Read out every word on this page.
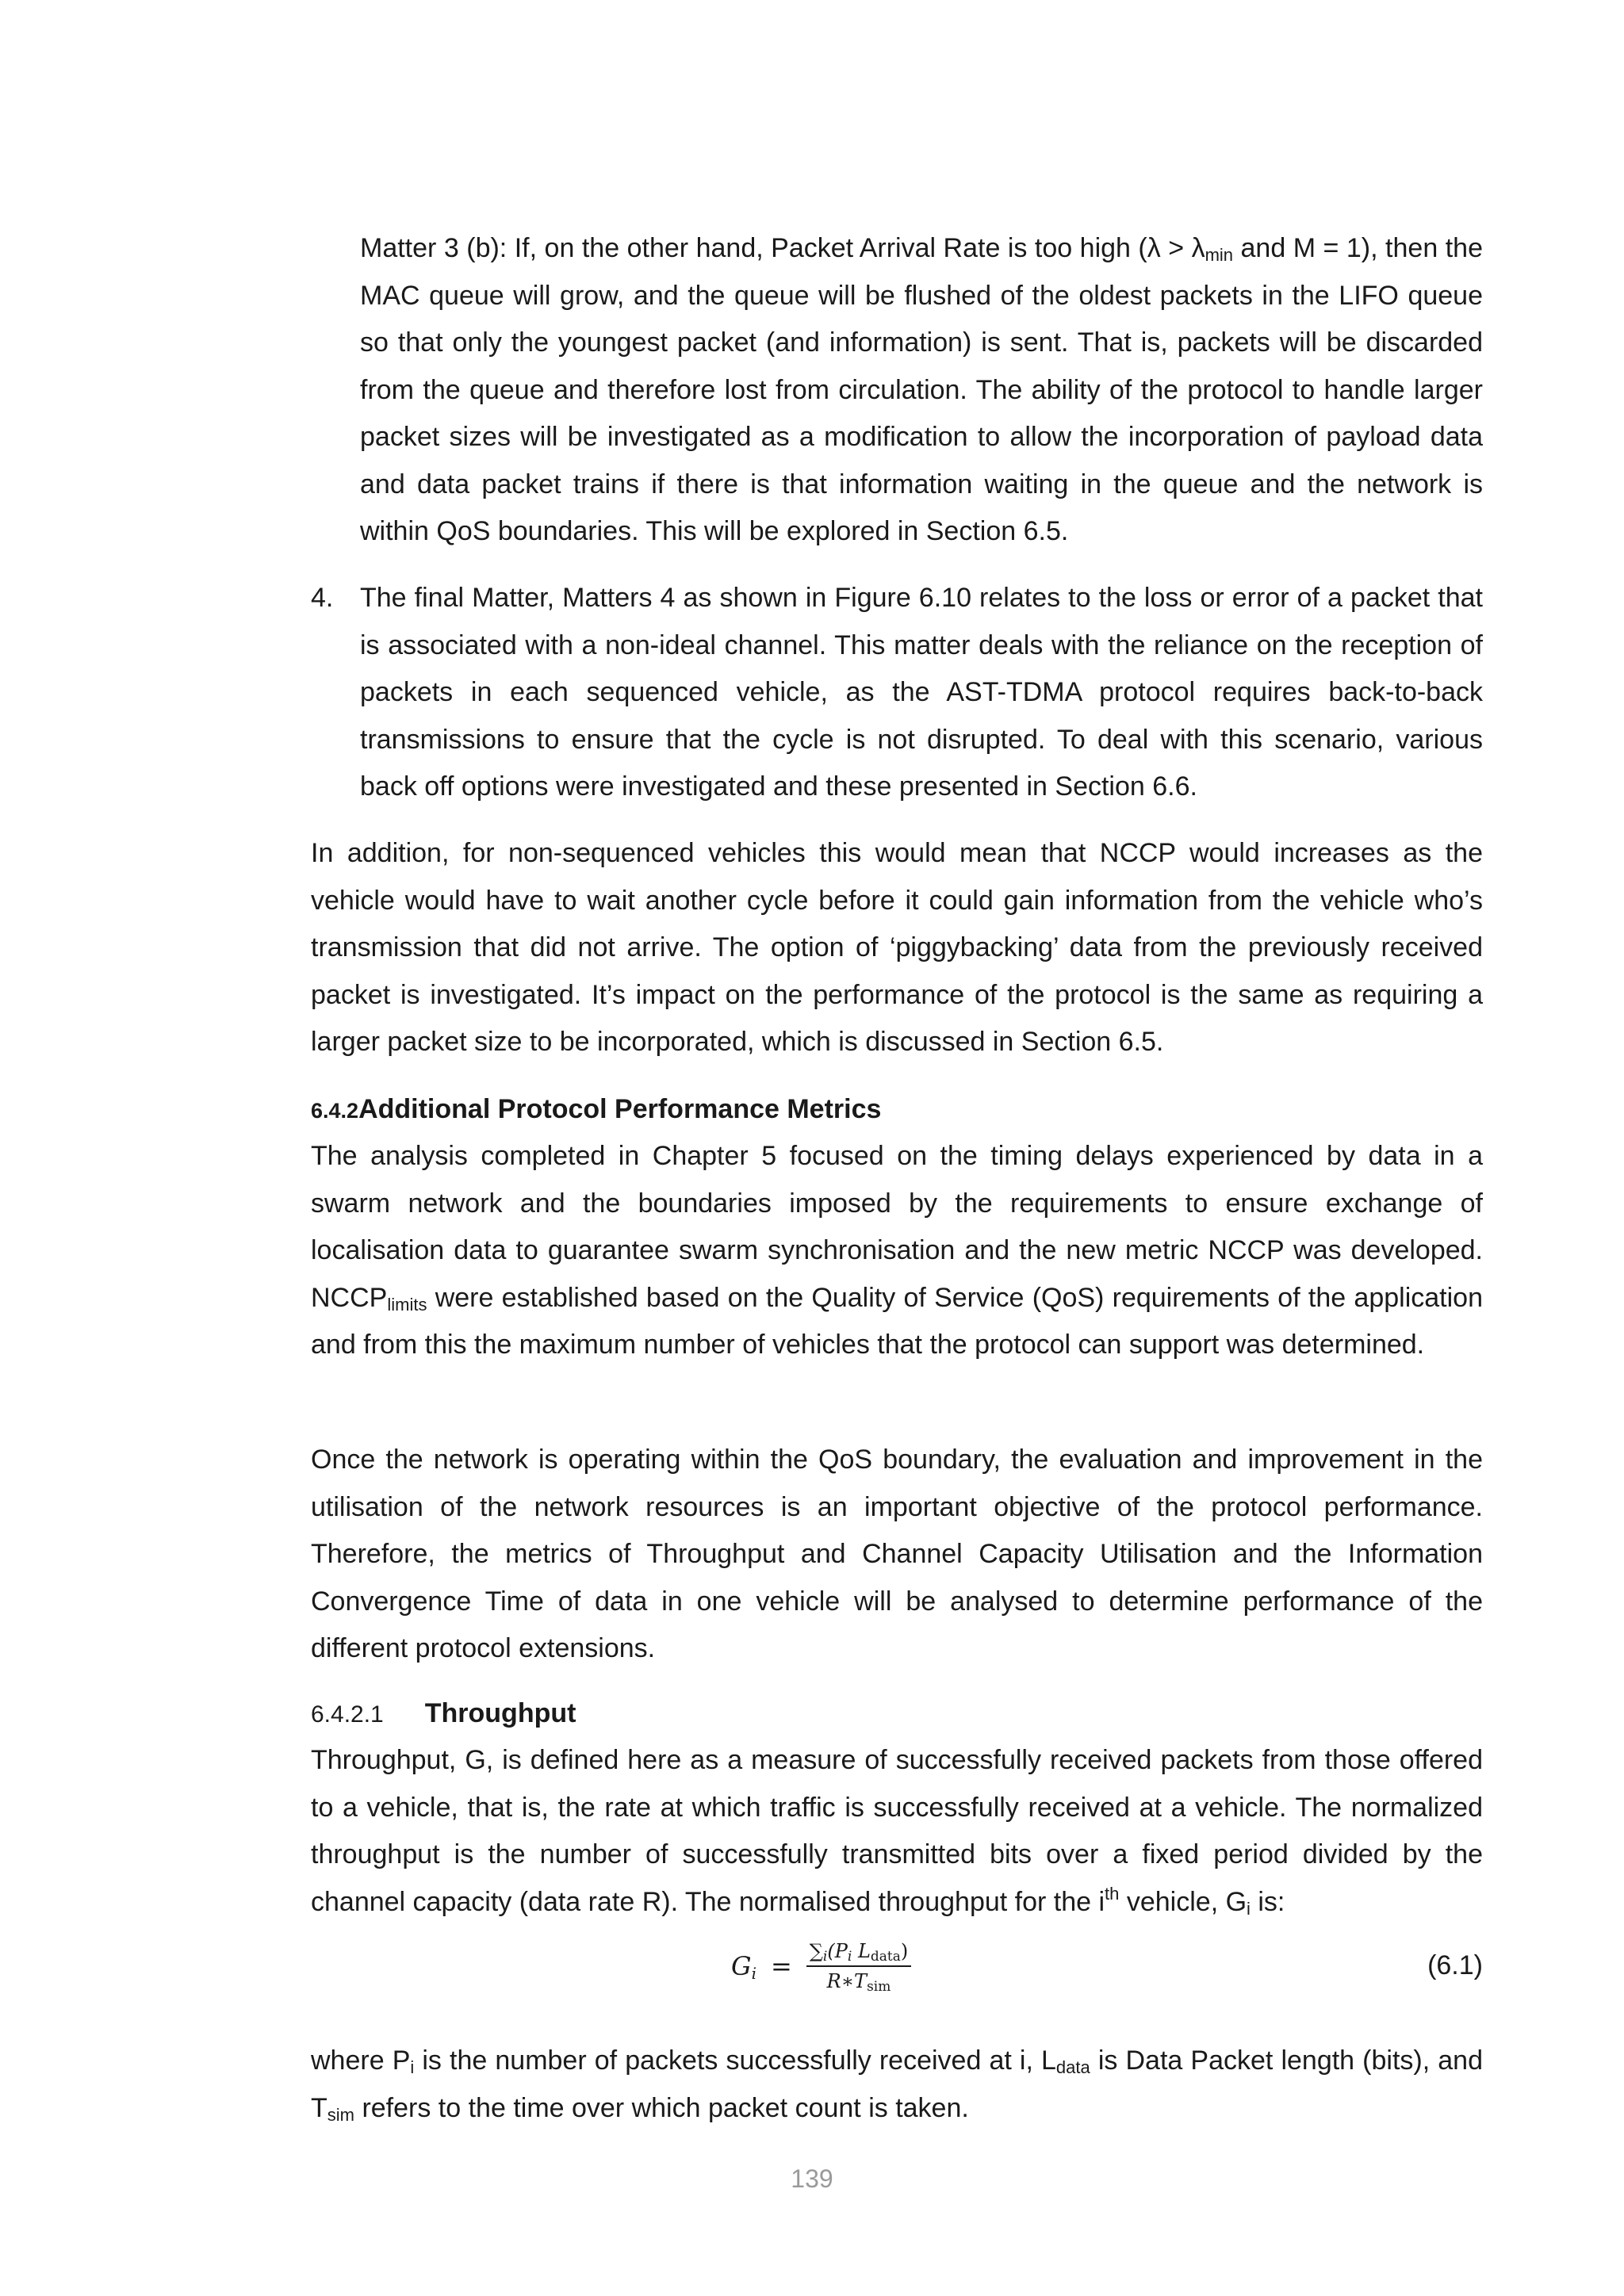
Matter 3 (b): If, on the other hand, Packet Arrival Rate is too high ($\lambda > \lambda_{min}$ and M = 1), then the MAC queue will grow, and the queue will be flushed of the oldest packets in the LIFO queue so that only the youngest packet (and information) is sent. That is, packets will be discarded from the queue and therefore lost from circulation. The ability of the protocol to handle larger packet sizes will be investigated as a modification to allow the incorporation of payload data and data packet trains if there is that information waiting in the queue and the network is within QoS boundaries. This will be explored in Section 6.5.

4. The final Matter, Matters 4 as shown in Figure 6.10 relates to the loss or error of a packet that is associated with a non-ideal channel. This matter deals with the reliance on the reception of packets in each sequenced vehicle, as the AST-TDMA protocol requires back-to-back transmissions to ensure that the cycle is not disrupted. To deal with this scenario, various back off options were investigated and these presented in Section 6.6.

In addition, for non-sequenced vehicles this would mean that NCCP would increases as the vehicle would have to wait another cycle before it could gain information from the vehicle who’s transmission that did not arrive. The option of ‘piggybacking’ data from the previously received packet is investigated. It’s impact on the performance of the protocol is the same as requiring a larger packet size to be incorporated, which is discussed in Section 6.5.

6.4.2Additional Protocol Performance Metrics

The analysis completed in Chapter 5 focused on the timing delays experienced by data in a swarm network and the boundaries imposed by the requirements to ensure exchange of localisation data to guarantee swarm synchronisation and the new metric NCCP was developed. $NCCP_{limits}$ were established based on the Quality of Service (QoS) requirements of the application and from this the maximum number of vehicles that the protocol can support was determined.

Once the network is operating within the QoS boundary, the evaluation and improvement in the utilisation of the network resources is an important objective of the protocol performance. Therefore, the metrics of Throughput and Channel Capacity Utilisation and the Information Convergence Time of data in one vehicle will be analysed to determine performance of the different protocol extensions.

6.4.2.1 Throughput

Throughput, G, is defined here as a measure of successfully received packets from those offered to a vehicle, that is, the rate at which traffic is successfully received at a vehicle. The normalized throughput is the number of successfully transmitted bits over a fixed period divided by the channel capacity (data rate R). The normalised throughput for the $i^{th}$ vehicle, $G_i$ is:

$G_i = \frac{\sum_i(P_i L_{data})}{R∗T_{sim}}$	(6.1)

where $P_i$ is the number of packets successfully received at i, $L_{data}$ is Data Packet length (bits), and $T_{sim}$ refers to the time over which packet count is taken.

139
